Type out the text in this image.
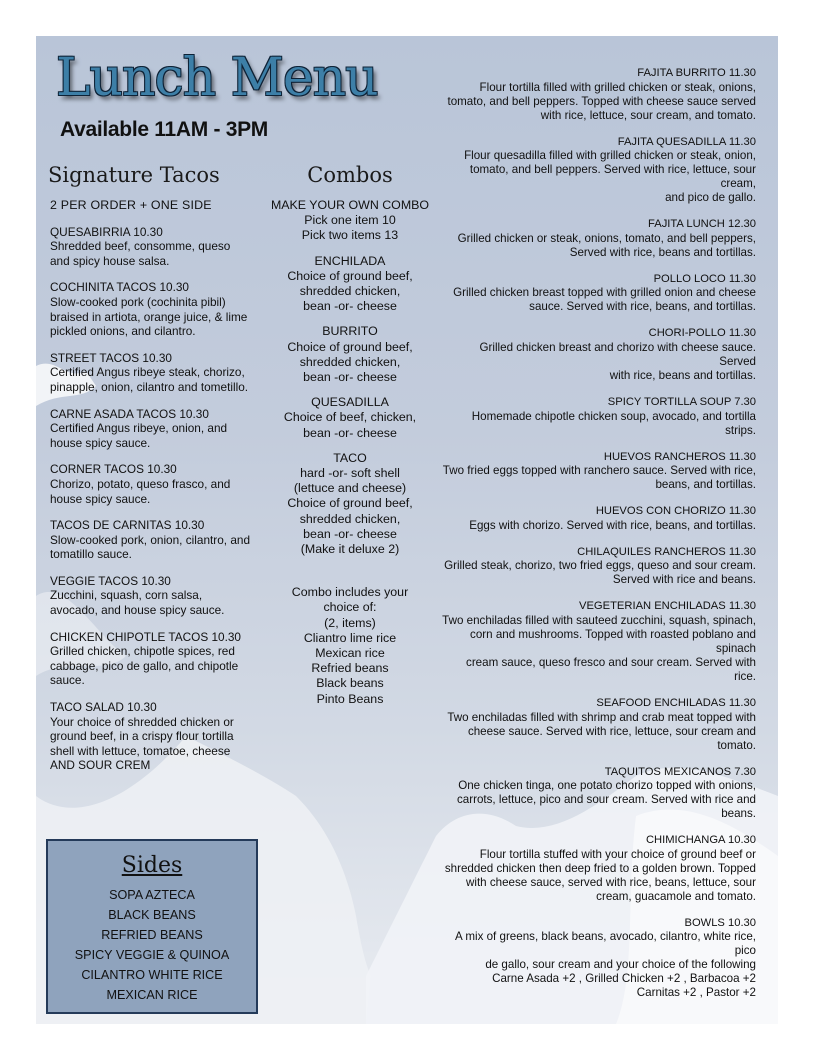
Lunch Menu
Available 11AM - 3PM
Signature Tacos
2 PER ORDER + ONE SIDE
QUESABIRRIA 10.30
Shredded beef, consomme, queso and spicy house salsa.
COCHINITA TACOS 10.30
Slow-cooked pork (cochinita pibil) braised in artiota, orange juice, & lime pickled onions, and cilantro.
STREET TACOS 10.30
Certified Angus ribeye steak, chorizo, pinapple, onion, cilantro and tometillo.
CARNE ASADA TACOS 10.30
Certified Angus ribeye, onion, and house spicy sauce.
CORNER TACOS 10.30
Chorizo, potato, queso frasco, and house spicy sauce.
TACOS DE CARNITAS 10.30
Slow-cooked pork, onion, cilantro, and tomatillo sauce.
VEGGIE TACOS 10.30
Zucchini, squash, corn salsa, avocado, and house spicy sauce.
CHICKEN CHIPOTLE TACOS 10.30
Grilled chicken, chipotle spices, red cabbage, pico de gallo, and chipotle sauce.
TACO SALAD 10.30
Your choice of shredded chicken or ground beef, in a crispy flour tortilla shell with lettuce, tomatoe, cheese AND SOUR CREM
Combos
MAKE YOUR OWN COMBO
Pick one item 10
Pick two items 13
ENCHILADA
Choice of ground beef,
shredded chicken,
bean -or- cheese
BURRITO
Choice of ground beef,
shredded chicken,
bean -or- cheese
QUESADILLA
Choice of beef, chicken,
bean -or- cheese
TACO
hard -or- soft shell
(lettuce and cheese)
Choice of ground beef,
shredded chicken,
bean -or- cheese
(Make it deluxe 2)
Combo includes your
choice of:
(2, items)
Cliantro lime rice
Mexican rice
Refried beans
Black beans
Pinto Beans
FAJITA BURRITO 11.30
Flour tortilla filled with grilled chicken or steak, onions,
tomato, and bell peppers. Topped with cheese sauce served
with rice, lettuce, sour cream, and tomato.
FAJITA QUESADILLA 11.30
Flour quesadilla filled with grilled chicken or steak, onion,
tomato, and bell peppers. Served with rice, lettuce, sour cream,
and pico de gallo.
FAJITA LUNCH 12.30
Grilled chicken or steak, onions, tomato, and bell peppers,
Served with rice, beans and tortillas.
POLLO LOCO 11.30
Grilled chicken breast topped with grilled onion and cheese
sauce. Served with rice, beans, and tortillas.
CHORI-POLLO 11.30
Grilled chicken breast and chorizo with cheese sauce. Served
with rice, beans and tortillas.
SPICY TORTILLA SOUP 7.30
Homemade chipotle chicken soup, avocado, and tortilla strips.
HUEVOS RANCHEROS 11.30
Two fried eggs topped with ranchero sauce. Served with rice,
beans, and tortillas.
HUEVOS CON CHORIZO 11.30
Eggs with chorizo. Served with rice, beans, and tortillas.
CHILAQUILES RANCHEROS 11.30
Grilled steak, chorizo, two fried eggs, queso and sour cream.
Served with rice and beans.
VEGETERIAN ENCHILADAS 11.30
Two enchiladas filled with sauteed zucchini, squash, spinach,
corn and mushrooms. Topped with roasted poblano and spinach
cream sauce, queso fresco and sour cream. Served with rice.
SEAFOOD ENCHILADAS 11.30
Two enchiladas filled with shrimp and crab meat topped with
cheese sauce. Served with rice, lettuce, sour cream and
tomato.
TAQUITOS MEXICANOS 7.30
One chicken tinga, one potato chorizo topped with onions,
carrots, lettuce, pico and sour cream. Served with rice and
beans.
CHIMICHANGA 10.30
Flour tortilla stuffed with your choice of ground beef or
shredded chicken then deep fried to a golden brown. Topped
with cheese sauce, served with rice, beans, lettuce, sour
cream, guacamole and tomato.
BOWLS 10.30
A mix of greens, black beans, avocado, cilantro, white rice, pico
de gallo, sour cream and your choice of the following
Carne Asada +2 , Grilled Chicken +2 , Barbacoa +2
Carnitas +2 , Pastor +2
Sides
SOPA AZTECA
BLACK BEANS
REFRIED BEANS
SPICY VEGGIE & QUINOA
CILANTRO WHITE RICE
MEXICAN RICE
